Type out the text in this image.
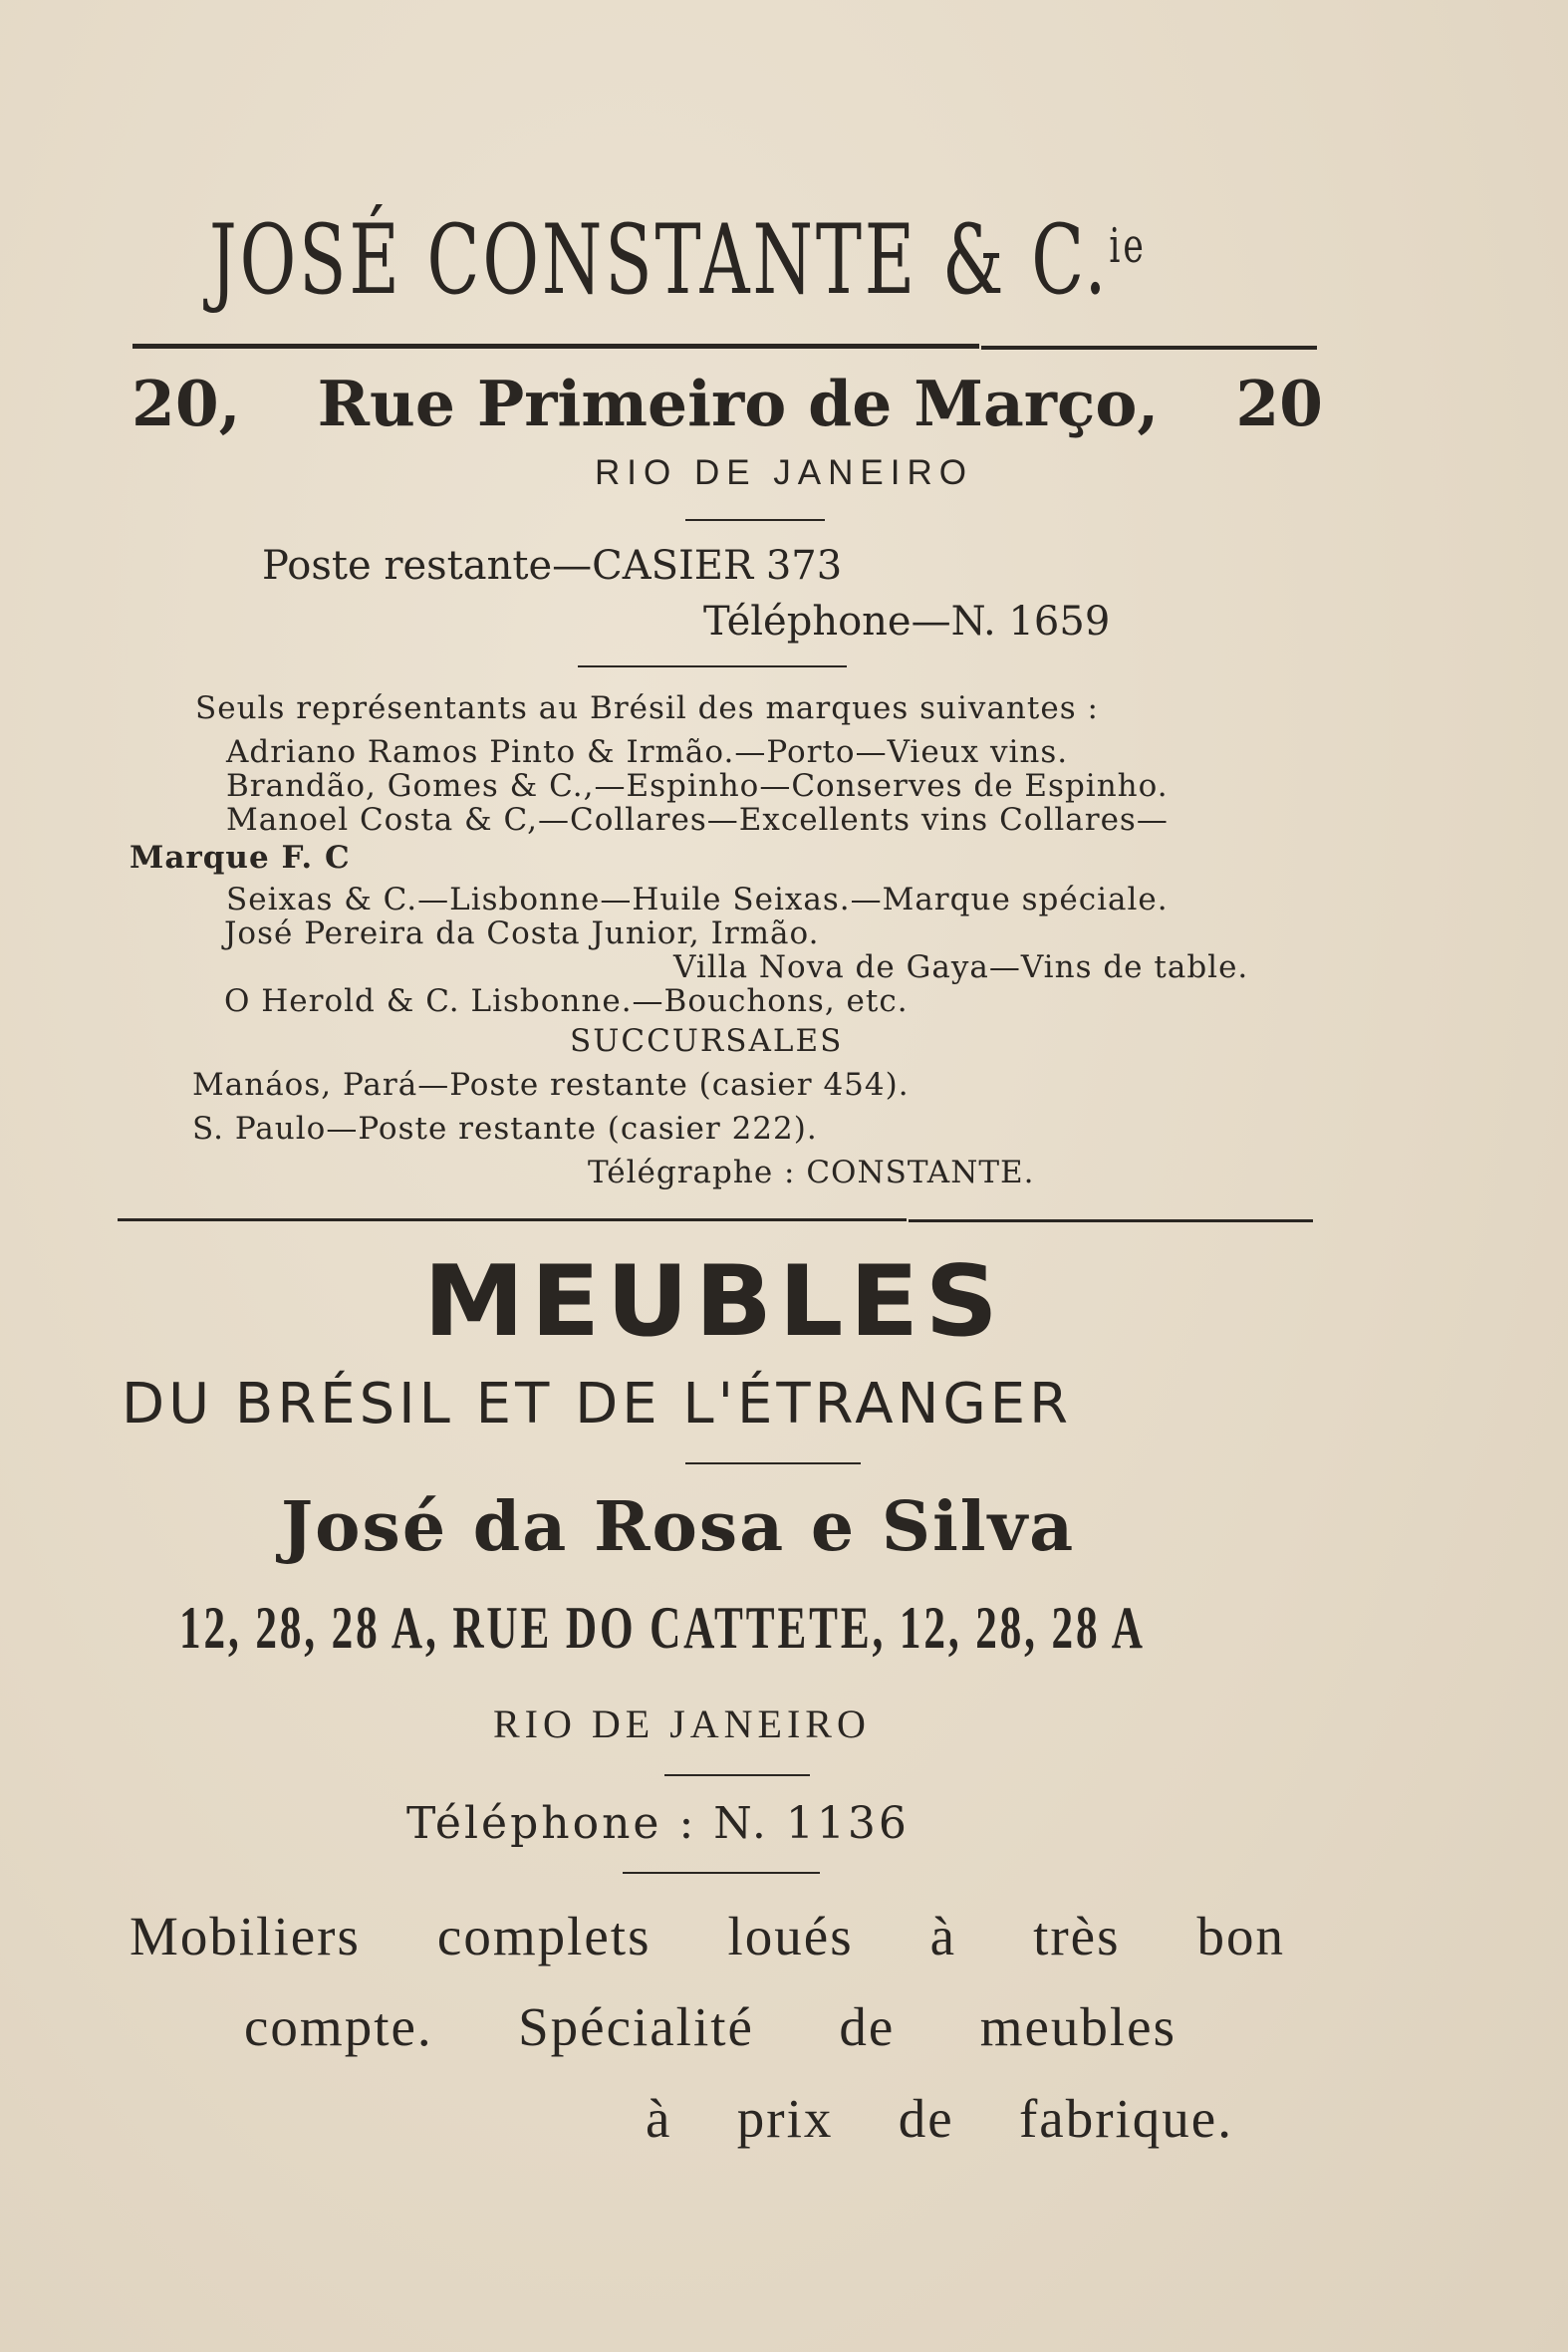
JOSÉ CONSTANTE & C.$^{ie}$
20, Rue Primeiro de Março, 20
RIO DE JANEIRO
Poste restante—CASIER 373
Téléphone—N. 1659
Seuls représentants au Brésil des marques suivantes :
Adriano Ramos Pinto & Irmão.—Porto—Vieux vins.
Brandão, Gomes & C.,—Espinho—Conserves de Espinho.
Manoel Costa & C,—Collares—Excellents vins Collares—
Marque F. C
Seixas & C.—Lisbonne—Huile Seixas.—Marque spéciale.
José Pereira da Costa Junior, Irmão.
Villa Nova de Gaya—Vins de table.
O Herold & C. Lisbonne.—Bouchons, etc.
SUCCURSALES
Manáos, Pará—Poste restante (casier 454).
S. Paulo—Poste restante (casier 222).
Télégraphe : CONSTANTE.
MEUBLES
DU BRÉSIL ET DE L'ÉTRANGER
José da Rosa e Silva
12, 28, 28 A, RUE DO CATTETE, 12, 28, 28 A
RIO DE JANEIRO
Téléphone : N. 1136
Mobiliers complets loués à très bon
compte. Spécialité de meubles
à prix de fabrique.
